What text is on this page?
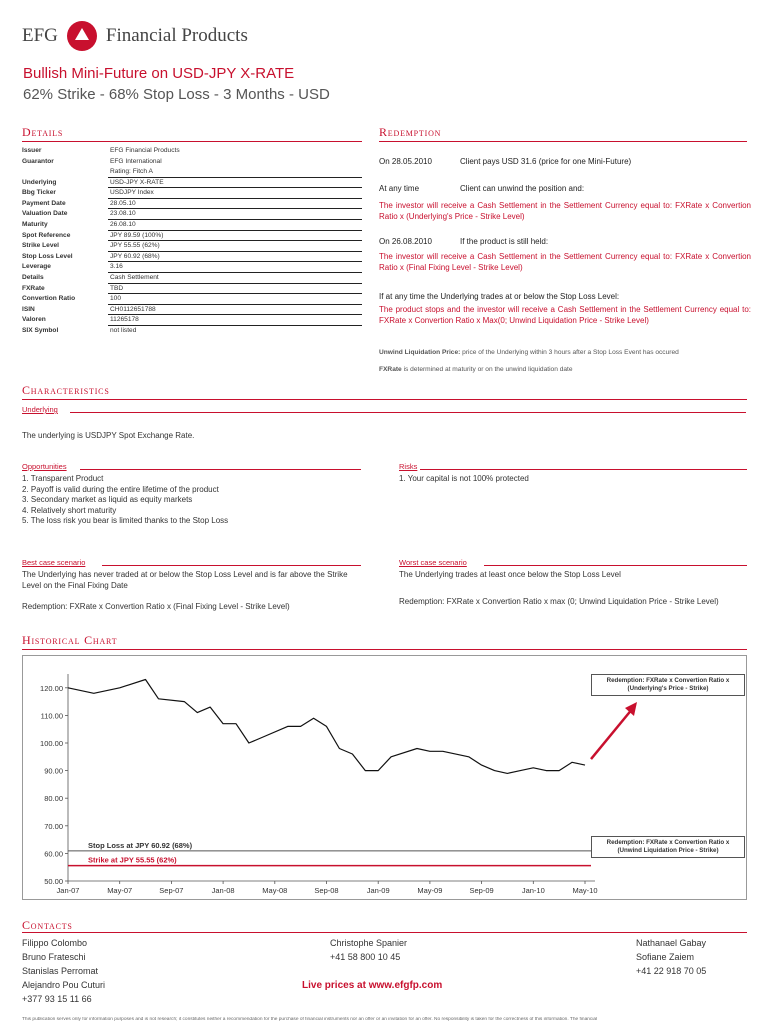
EFG	Financial Products
Bullish Mini-Future on USD-JPY X-RATE
62% Strike - 68% Stop Loss - 3 Months - USD
Details
Issuer	EFG Financial Products
Guarantor	EFG International
Rating: Fitch A
Underlying	USD-JPY X-RATE
Bbg Ticker	USDJPY Index
Payment Date	28.05.10
Valuation Date	23.08.10
Maturity	26.08.10
Spot Reference	JPY 89.59 (100%)
Strike Level	JPY 55.55 (62%)
Stop Loss Level	JPY 60.92 (68%)
Leverage	3.16
Details	Cash Settlement
FXRate	TBD
Convertion Ratio	100
ISIN	CH0112651788
Valoren	11265178
SIX Symbol	not listed
Redemption
On 28.05.2010	Client pays USD 31.6 (price for one Mini-Future)
At any time	Client can unwind the position and:
The investor will receive a Cash Settlement in the Settlement Currency equal to: FXRate x Convertion Ratio x (Underlying's Price - Strike Level)
On 26.08.2010	If the product is still held:
The investor will receive a Cash Settlement in the Settlement Currency equal to: FXRate x Convertion Ratio x (Final Fixing Level - Strike Level)
If at any time the Underlying trades at or below the Stop Loss Level:
The product stops and the investor will receive a Cash Settlement in the Settlement Currency equal to: FXRate x Convertion Ratio x Max(0; Unwind Liquidation Price - Strike Level)
Unwind Liquidation Price: price of the Underlying within 3 hours after a Stop Loss Event has occured
FXRate is determined at maturity or on the unwind liquidation date
Characteristics
Underlying
The underlying is USDJPY Spot Exchange Rate.
Opportunities
1. Transparent Product
2. Payoff is valid during the entire lifetime of the product
3. Secondary market as liquid as equity markets
4. Relatively short maturity
5. The loss risk you bear is limited thanks to the Stop Loss
Risks
1. Your capital is not 100% protected
Best case scenario
The Underlying has never traded at or below the Stop Loss Level and is far above the Strike Level on the Final Fixing Date
Redemption: FXRate x Convertion Ratio x (Final Fixing Level - Strike Level)
Worst case scenario
The Underlying trades at least once below the Stop Loss Level
Redemption: FXRate x Convertion Ratio x max (0; Unwind Liquidation Price - Strike Level)
Historical Chart
50.00
60.00
70.00
80.00
90.00
100.00
110.00
120.00
Jan-07	May-07	Sep-07	Jan-08	May-08	Sep-08	Jan-09	May-09	Sep-09	Jan-10	May-10
Stop Loss at JPY 60.92 (68%)
Strike at JPY 55.55 (62%)
Redemption: FXRate x Convertion Ratio x (Underlying's Price - Strike)
Redemption: FXRate x Convertion Ratio x (Unwind Liquidation Price - Strike)
Contacts
Filippo Colombo
Bruno Frateschi
Stanislas Perromat
Alejandro Pou Cuturi
+377 93 15 11 66
Christophe Spanier
+41 58 800 10 45
Nathanael Gabay
Sofiane Zaiem
+41 22 918 70 05
Live prices at www.efgfp.com
This publication serves only for information purposes and is not research; it constitutes neither a recommendation for the purchase of financial instruments nor an offer or an invitation for an offer. No responsibility is taken for the correctness of this information. The financial
